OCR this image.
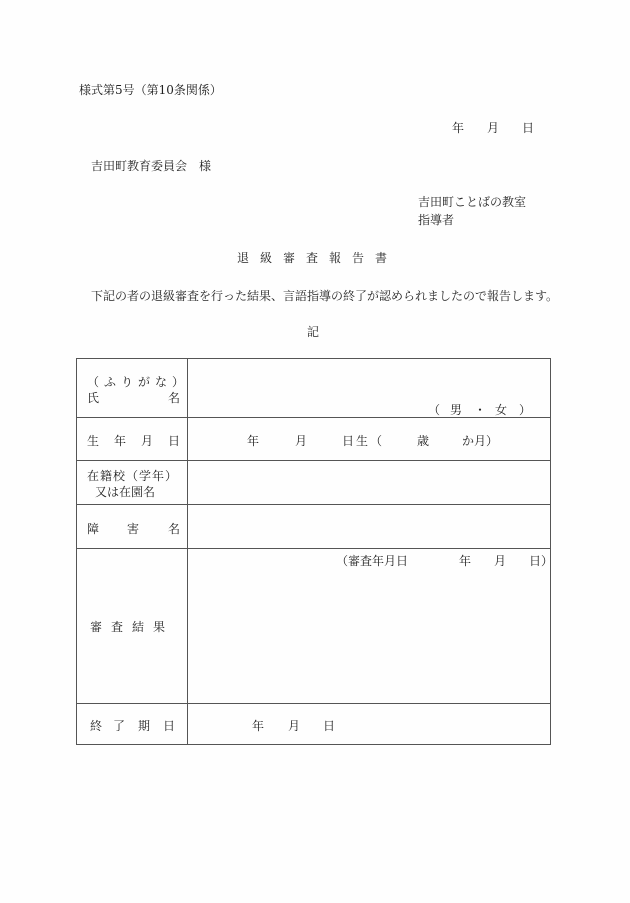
様式第5号（第10条関係）
年 月 日
吉田町教育委員会　様
吉田町ことばの教室
指導者
退級審査報告書
下記の者の退級審査を行った結果、言語指導の終了が認められましたので報告します。
記
（ふりがな）
氏 名	（ 男 ・ 女 ）

生 年 月 日	年 月 日生（ 歳 か月）

在籍校（学年）
又は在園名	

障 害 名	

審 査 結 果	（審査年月日 年 月 日）

終 了 期 日	年 月 日
